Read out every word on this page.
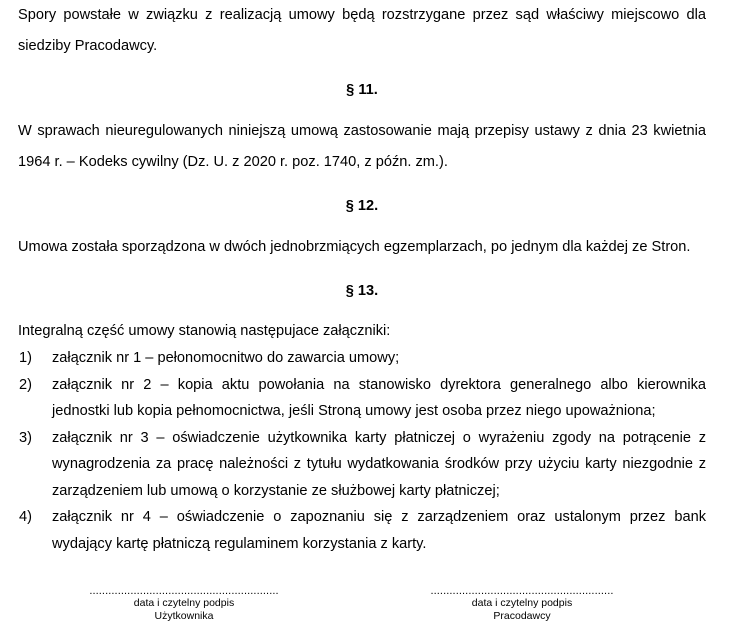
Spory powstałe w związku z realizacją umowy będą rozstrzygane przez sąd właściwy miejscowo dla siedziby Pracodawcy.

§ 11.

W sprawach nieuregulowanych niniejszą umową zastosowanie mają przepisy ustawy z dnia 23 kwietnia 1964 r. – Kodeks cywilny (Dz. U. z 2020 r. poz. 1740, z późn. zm.).

§ 12.

Umowa została sporządzona w dwóch jednobrzmiących egzemplarzach, po jednym dla każdej ze Stron.

§ 13.

Integralną część umowy stanowią następujace załączniki:

1)	załącznik nr 1 – pełonomocnitwo do zawarcia umowy;
2)	załącznik nr 2 – kopia aktu powołania na stanowisko dyrektora generalnego albo kierownika jednostki lub kopia pełnomocnictwa, jeśli Stroną umowy jest osoba przez niego upoważniona;
3)	załącznik nr 3 – oświadczenie użytkownika karty płatniczej o wyrażeniu zgody na potrącenie z wynagrodzenia za pracę należności z tytułu wydatkowania środków przy użyciu karty niezgodnie z zarządzeniem lub umową o korzystanie ze służbowej karty płatniczej;
4)	załącznik nr 4 – oświadczenie o zapoznaniu się z zarządzeniem oraz ustalonym przez bank wydający kartę płatniczą regulaminem korzystania z karty.
............................................................
data i czytelny podpis
Użytkownika
..........................................................
data i czytelny podpis
Pracodawcy
